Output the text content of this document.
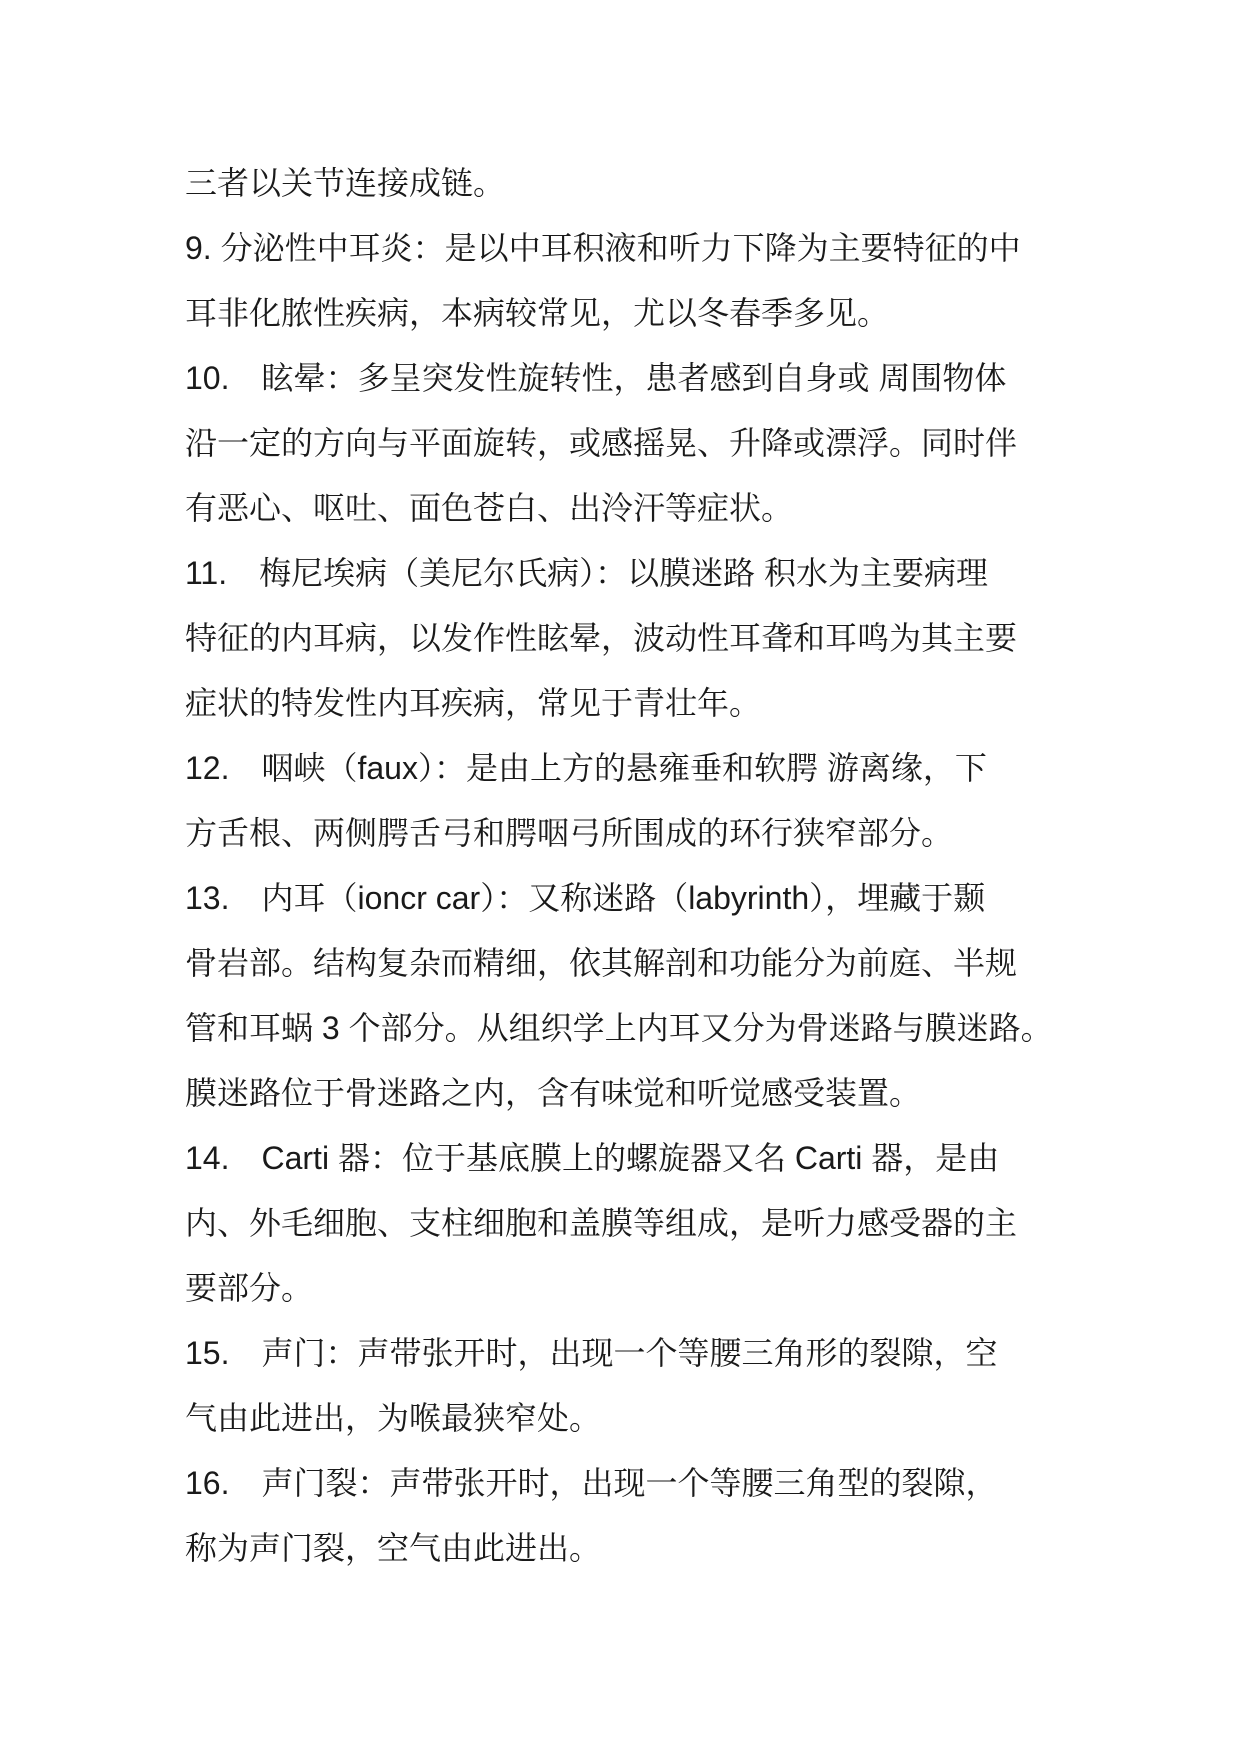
三者以关节连接成链。
9. 分泌性中耳炎：是以中耳积液和听力下降为主要特征的中
耳非化脓性疾病，本病较常见，尤以冬春季多见。
10.　眩晕：多呈突发性旋转性，患者感到自身或 周围物体
沿一定的方向与平面旋转，或感摇晃、升降或漂浮。同时伴
有恶心、呕吐、面色苍白、出泠汗等症状。
11.　梅尼埃病（美尼尔氏病）：以膜迷路 积水为主要病理
特征的内耳病，以发作性眩晕，波动性耳聋和耳鸣为其主要
症状的特发性内耳疾病，常见于青壮年。
12.　咽峡（faux）：是由上方的悬雍垂和软腭 游离缘，下
方舌根、两侧腭舌弓和腭咽弓所围成的环行狭窄部分。
13.　内耳（ioncr car）：又称迷路（labyrinth），埋藏于颞
骨岩部。结构复杂而精细，依其解剖和功能分为前庭、半规
管和耳蜗 3 个部分。从组织学上内耳又分为骨迷路与膜迷路。
膜迷路位于骨迷路之内，含有味觉和听觉感受装置。
14.　Carti 器：位于基底膜上的螺旋器又名 Carti 器，是由
内、外毛细胞、支柱细胞和盖膜等组成，是听力感受器的主
要部分。
15.　声门：声带张开时，出现一个等腰三角形的裂隙，空
气由此进出，为喉最狭窄处。
16.　声门裂：声带张开时，出现一个等腰三角型的裂隙，
称为声门裂，空气由此进出。
